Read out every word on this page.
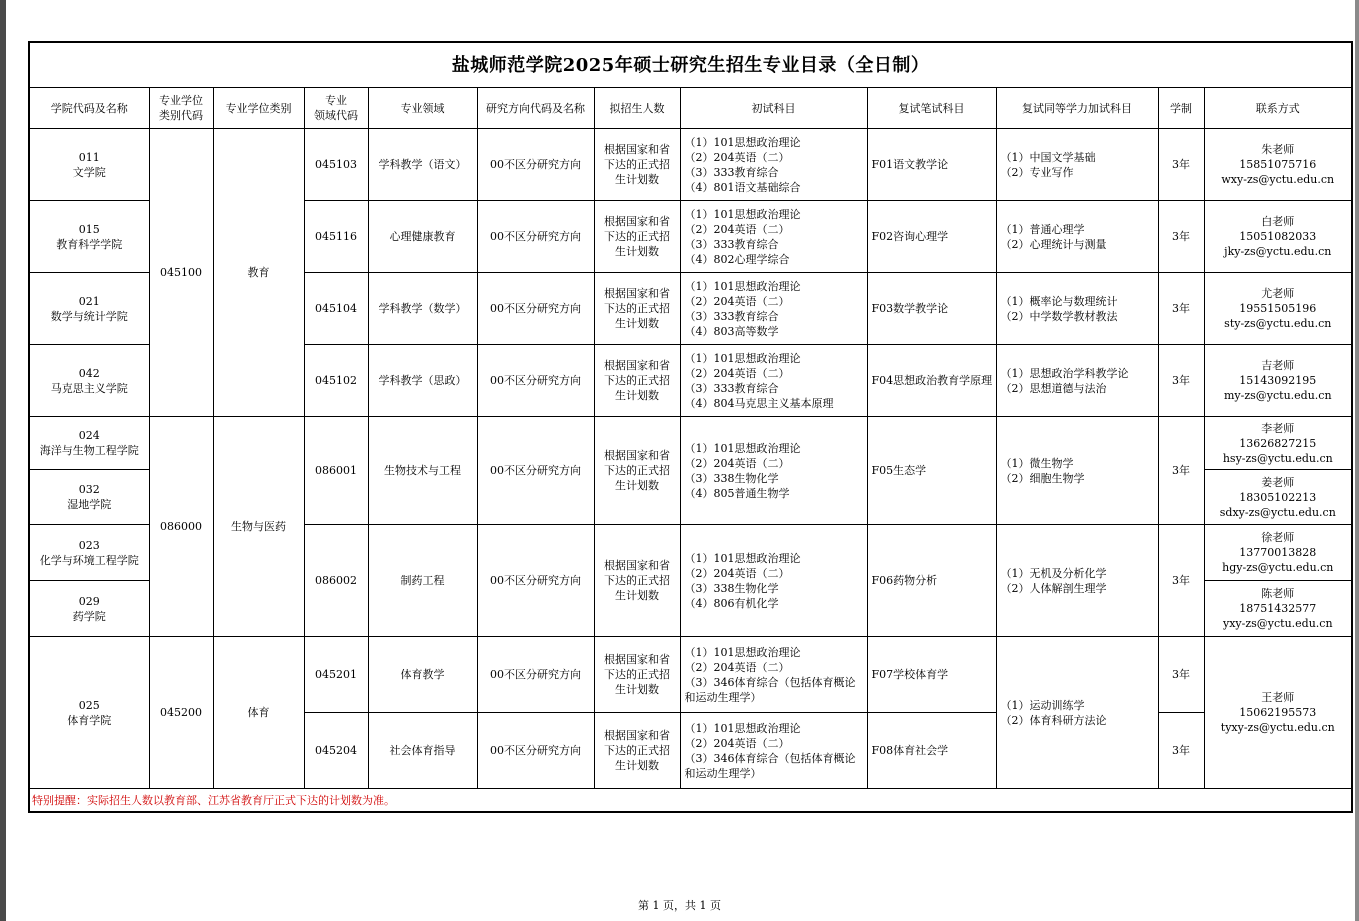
盐城师范学院2025年硕士研究生招生专业目录（全日制）											
学院代码及名称	专业学位
类别代码	专业学位类别	专业
领域代码	专业领域	研究方向代码及名称	拟招生人数	初试科目	复试笔试科目	复试同等学力加试科目	学制	联系方式
011
文学院	045100	教育	045103	学科教学（语文）	00不区分研究方向	根据国家和省
下达的正式招
生计划数	（1）101思想政治理论
（2）204英语（二）
（3）333教育综合
（4）801语文基础综合	F01语文教学论	（1）中国文学基础
（2）专业写作	3年	朱老师
15851075716
wxy-zs@yctu.edu.cn
015
教育科学学院			045116	心理健康教育	00不区分研究方向	根据国家和省
下达的正式招
生计划数	（1）101思想政治理论
（2）204英语（二）
（3）333教育综合
（4）802心理学综合	F02咨询心理学	（1）普通心理学
（2）心理统计与测量	3年	白老师
15051082033
jky-zs@yctu.edu.cn
021
数学与统计学院			045104	学科教学（数学）	00不区分研究方向	根据国家和省
下达的正式招
生计划数	（1）101思想政治理论
（2）204英语（二）
（3）333教育综合
（4）803高等数学	F03数学教学论	（1）概率论与数理统计
（2）中学数学教材教法	3年	尤老师
19551505196
sty-zs@yctu.edu.cn
042
马克思主义学院			045102	学科教学（思政）	00不区分研究方向	根据国家和省
下达的正式招
生计划数	（1）101思想政治理论
（2）204英语（二）
（3）333教育综合
（4）804马克思主义基本原理	F04思想政治教育学原理	（1）思想政治学科教学论
（2）思想道德与法治	3年	吉老师
15143092195
my-zs@yctu.edu.cn
024
海洋与生物工程学院	086000	生物与医药	086001	生物技术与工程	00不区分研究方向	根据国家和省
下达的正式招
生计划数	（1）101思想政治理论
（2）204英语（二）
（3）338生物化学
（4）805普通生物学	F05生态学	（1）微生物学
（2）细胞生物学	3年	李老师
13626827215
hsy-zs@yctu.edu.cn
032
湿地学院											姜老师
18305102213
sdxy-zs@yctu.edu.cn
023
化学与环境工程学院			086002	制药工程	00不区分研究方向	根据国家和省
下达的正式招
生计划数	（1）101思想政治理论
（2）204英语（二）
（3）338生物化学
（4）806有机化学	F06药物分析	（1）无机及分析化学
（2）人体解剖生理学	3年	徐老师
13770013828
hgy-zs@yctu.edu.cn
029
药学院											陈老师
18751432577
yxy-zs@yctu.edu.cn
025
体育学院	045200	体育	045201	体育教学	00不区分研究方向	根据国家和省
下达的正式招
生计划数	（1）101思想政治理论
（2）204英语（二）
（3）346体育综合（包括体育概论
和运动生理学）	F07学校体育学	（1）运动训练学
（2）体育科研方法论	3年	王老师
15062195573
tyxy-zs@yctu.edu.cn
			045204	社会体育指导	00不区分研究方向	根据国家和省
下达的正式招
生计划数	（1）101思想政治理论
（2）204英语（二）
（3）346体育综合（包括体育概论
和运动生理学）	F08体育社会学		3年	
特别提醒：实际招生人数以教育部、江苏省教育厅正式下达的计划数为准。											
第 1 页，共 1 页
